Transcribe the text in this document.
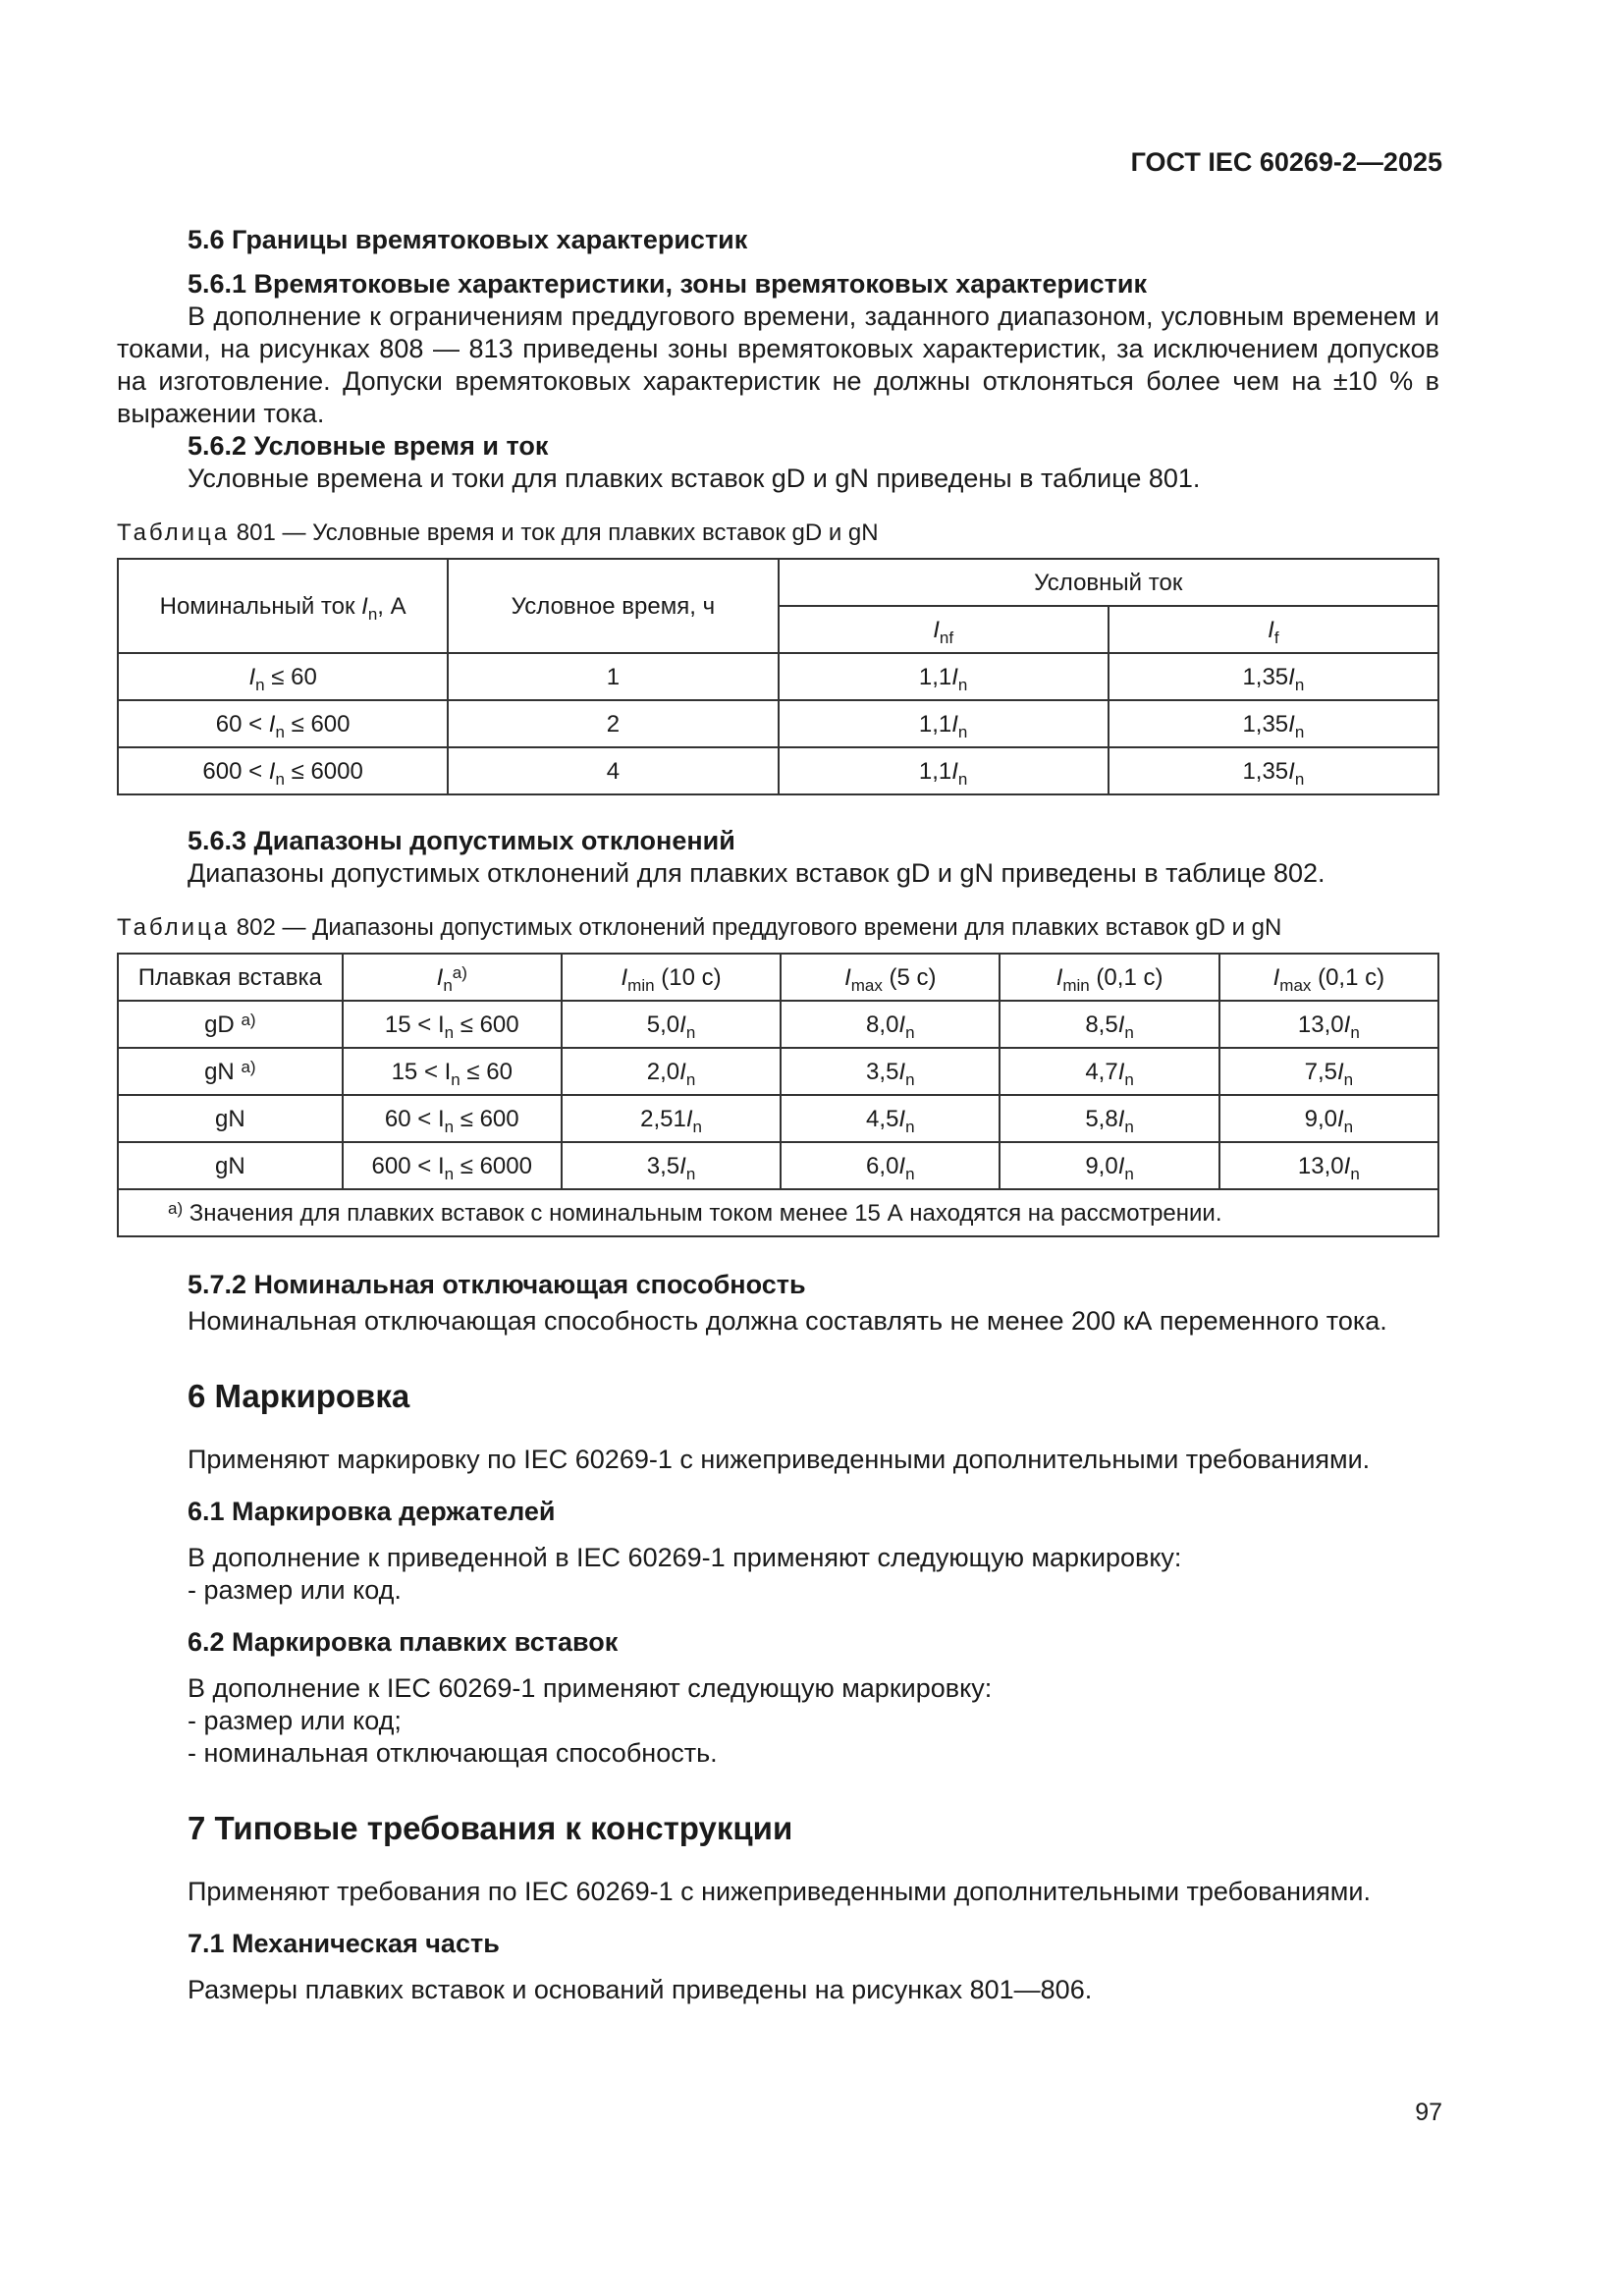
ГОСТ IEC 60269-2—2025
5.6 Границы времятоковых характеристик
5.6.1 Времятоковые характеристики, зоны времятоковых характеристик

В дополнение к ограничениям преддугового времени, заданного диапазоном, условным временем и токами, на рисунках 808 — 813 приведены зоны времятоковых характеристик, за исключением допусков на изготовление. Допуски времятоковых характеристик не должны отклоняться более чем на ±10 % в выражении тока.

5.6.2 Условные время и ток

Условные времена и токи для плавких вставок gD и gN приведены в таблице 801.

Таблица 801 — Условные время и ток для плавких вставок gD и gN
Номинальный ток $I_n$, А	Условное время, ч	Условный ток	
		$I_{nf}$	$I_f$
$I_n \le 60$	1	$1,1I_n$	$1,35I_n$
$60 < I_n \le 600$	2	$1,1I_n$	$1,35I_n$
$600 < I_n \le 6000$	4	$1,1I_n$	$1,35I_n$
5.6.3 Диапазоны допустимых отклонений

Диапазоны допустимых отклонений для плавких вставок gD и gN приведены в таблице 802.

Таблица 802 — Диапазоны допустимых отклонений преддугового времени для плавких вставок gD и gN
Плавкая вставка	$I_n^{a)}$	$I_{min}$ (10 с)	$I_{max}$ (5 с)	$I_{min}$ (0,1 с)	$I_{max}$ (0,1 с)
gD $^{a)}$	$15 < I_n \le 600$	$5,0I_n$	$8,0I_n$	$8,5I_n$	$13,0I_n$
gN $^{a)}$	$15 < I_n \le 60$	$2,0I_n$	$3,5I_n$	$4,7I_n$	$7,5I_n$
gN	$60 < I_n \le 600$	$2,51I_n$	$4,5I_n$	$5,8I_n$	$9,0I_n$
gN	$600 < I_n \le 6000$	$3,5I_n$	$6,0I_n$	$9,0I_n$	$13,0I_n$
$^{a)}$ Значения для плавких вставок с номинальным током менее 15 А находятся на рассмотрении.					
5.7.2 Номинальная отключающая способность

Номинальная отключающая способность должна составлять не менее 200 кА переменного тока.

6 Маркировка

Применяют маркировку по IEC 60269-1 с нижеприведенными дополнительными требованиями.

6.1 Маркировка держателей

В дополнение к приведенной в IEC 60269-1 применяют следующую маркировку:

- размер или код.

6.2 Маркировка плавких вставок

В дополнение к IEC 60269-1 применяют следующую маркировку:

- размер или код;

- номинальная отключающая способность.

7 Типовые требования к конструкции

Применяют требования по IEC 60269-1 с нижеприведенными дополнительными требованиями.

7.1 Механическая часть

Размеры плавких вставок и оснований приведены на рисунках 801—806.

97
